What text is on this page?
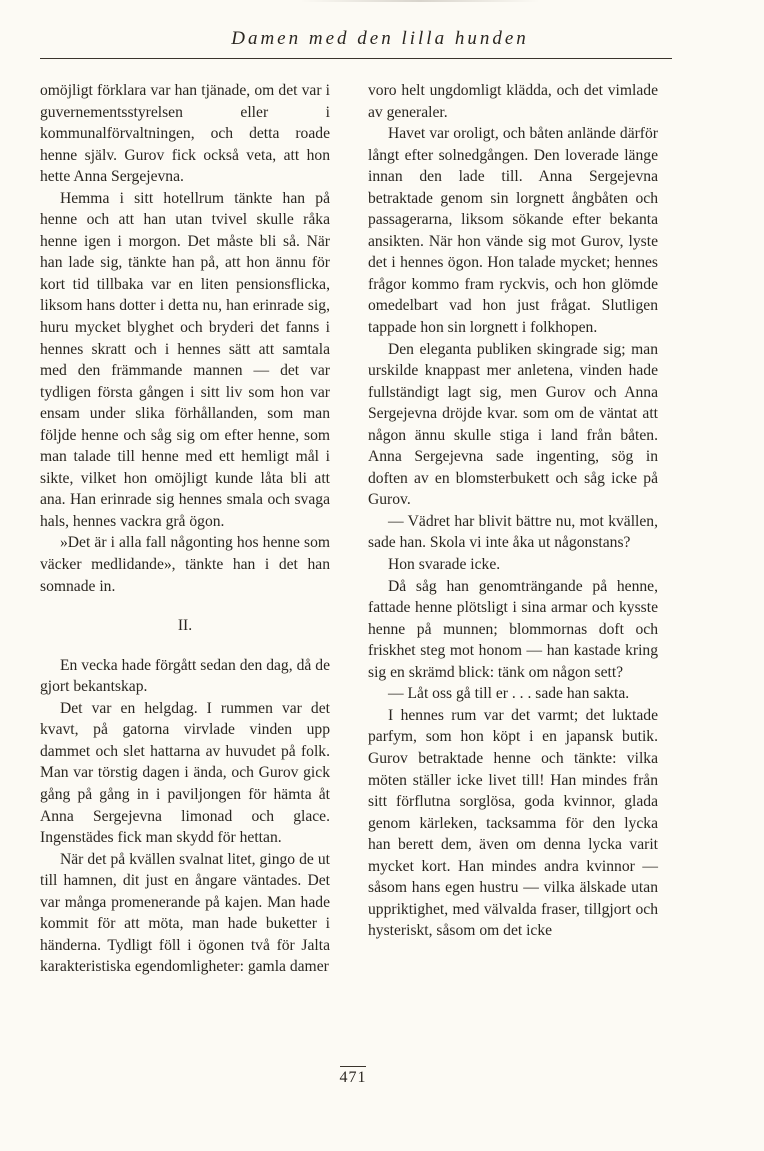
Damen med den lilla hunden

omöjligt förklara var han tjänade, om det var i guvernementsstyrelsen eller i kommunalförvaltningen, och detta roade henne själv. Gurov fick också veta, att hon hette Anna Sergejevna.

Hemma i sitt hotellrum tänkte han på henne och att han utan tvivel skulle råka henne igen i morgon. Det måste bli så. När han lade sig, tänkte han på, att hon ännu för kort tid tillbaka var en liten pensionsflicka, liksom hans dotter i detta nu, han erinrade sig, huru mycket blyghet och bryderi det fanns i hennes skratt och i hennes sätt att samtala med den främmande mannen — det var tydligen första gången i sitt liv som hon var ensam under slika förhållanden, som man följde henne och såg sig om efter henne, som man talade till henne med ett hemligt mål i sikte, vilket hon omöjligt kunde låta bli att ana. Han erinrade sig hennes smala och svaga hals, hennes vackra grå ögon.

»Det är i alla fall någonting hos henne som väcker medlidande», tänkte han i det han somnade in.

II.

En vecka hade förgått sedan den dag, då de gjort bekantskap.

Det var en helgdag. I rummen var det kvavt, på gatorna virvlade vinden upp dammet och slet hattarna av huvudet på folk. Man var törstig dagen i ända, och Gurov gick gång på gång in i paviljongen för hämta åt Anna Sergejevna limonad och glace. Ingenstädes fick man skydd för hettan.

När det på kvällen svalnat litet, gingo de ut till hamnen, dit just en ångare väntades. Det var många promenerande på kajen. Man hade kommit för att möta, man hade buketter i händerna. Tydligt föll i ögonen två för Jalta karakteristiska egendomligheter: gamla damer

voro helt ungdomligt klädda, och det vimlade av generaler.

Havet var oroligt, och båten anlände därför långt efter solnedgången. Den loverade länge innan den lade till. Anna Sergejevna betraktade genom sin lorgnett ångbåten och passagerarna, liksom sökande efter bekanta ansikten. När hon vände sig mot Gurov, lyste det i hennes ögon. Hon talade mycket; hennes frågor kommo fram ryckvis, och hon glömde omedelbart vad hon just frågat. Slutligen tappade hon sin lorgnett i folkhopen.

Den eleganta publiken skingrade sig; man urskilde knappast mer anletena, vinden hade fullständigt lagt sig, men Gurov och Anna Sergejevna dröjde kvar. som om de väntat att någon ännu skulle stiga i land från båten. Anna Sergejevna sade ingenting, sög in doften av en blomsterbukett och såg icke på Gurov.

— Vädret har blivit bättre nu, mot kvällen, sade han. Skola vi inte åka ut någonstans?

Hon svarade icke.

Då såg han genomträngande på henne, fattade henne plötsligt i sina armar och kysste henne på munnen; blommornas doft och friskhet steg mot honom — han kastade kring sig en skrämd blick: tänk om någon sett?

— Låt oss gå till er . . . sade han sakta.

I hennes rum var det varmt; det luktade parfym, som hon köpt i en japansk butik. Gurov betraktade henne och tänkte: vilka möten ställer icke livet till! Han mindes från sitt förflutna sorglösa, goda kvinnor, glada genom kärleken, tacksamma för den lycka han berett dem, även om denna lycka varit mycket kort. Han mindes andra kvinnor — såsom hans egen hustru — vilka älskade utan uppriktighet, med välvalda fraser, tillgjort och hysteriskt, såsom om det icke

471
